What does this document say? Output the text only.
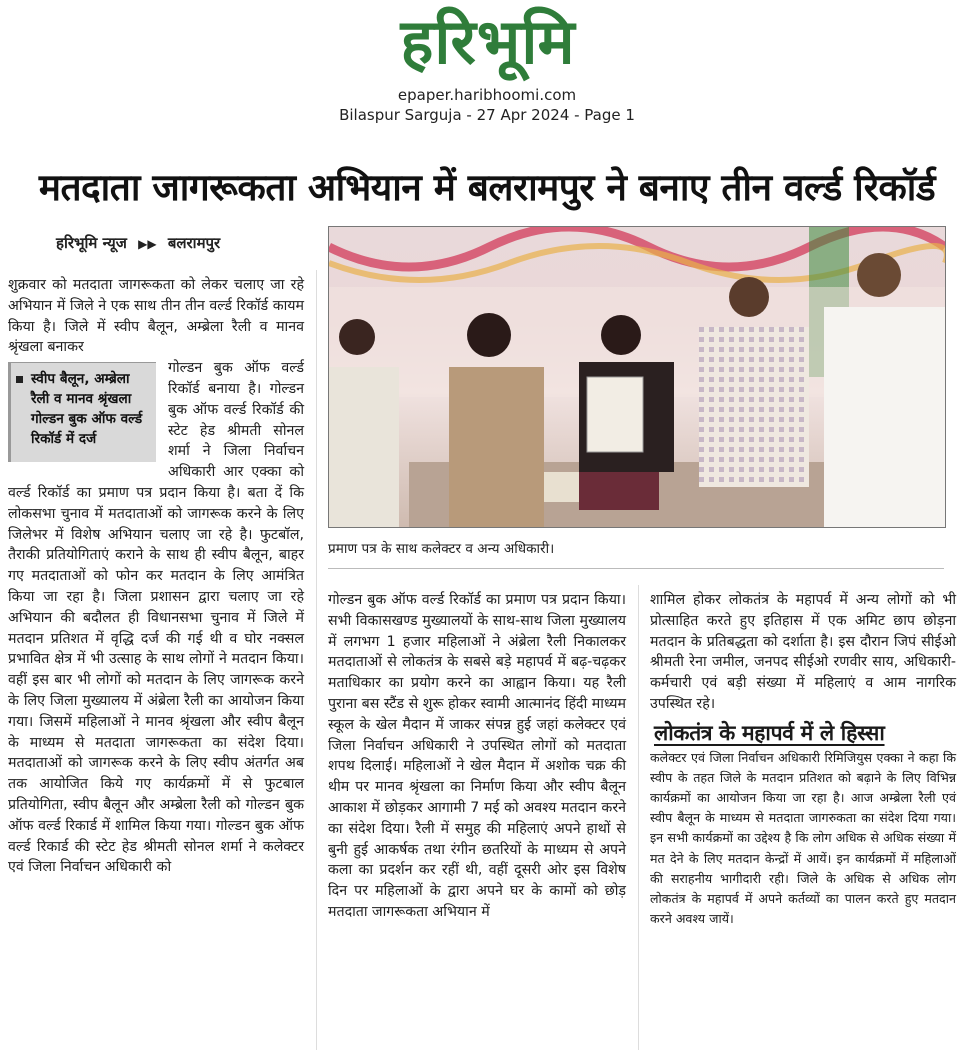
हरिभूमि
epaper.haribhoomi.com
Bilaspur Sarguja - 27 Apr 2024 - Page 1
मतदाता जागरूकता अभियान में बलरामपुर ने बनाए तीन वर्ल्ड रिकॉर्ड
हरिभूमि न्यूज ▶▶ बलरामपुर

शुक्रवार को मतदाता जागरूकता को लेकर चलाए जा रहे अभियान में जिले ने एक साथ तीन तीन वर्ल्ड रिकॉर्ड कायम किया है। जिले में स्वीप बैलून, अम्ब्रेला रैली व मानव श्रृंखला बनाकर

स्वीप बैलून, अम्ब्रेला रैली व मानव श्रृंखला गोल्डन बुक ऑफ वर्ल्ड रिकॉर्ड में दर्ज

गोल्डन बुक ऑफ वर्ल्ड रिकॉर्ड बनाया है। गोल्डन बुक ऑफ वर्ल्ड रिकॉर्ड की स्टेट हेड श्रीमती सोनल शर्मा ने जिला निर्वाचन अधिकारी आर एक्का को वर्ल्ड रिकॉर्ड का प्रमाण पत्र प्रदान किया है। बता दें कि लोकसभा चुनाव में मतदाताओं को जागरूक करने के लिए जिलेभर में विशेष अभियान चलाए जा रहे है। फुटबॉल, तैराकी प्रतियोगिताएं कराने के साथ ही स्वीप बैलून, बाहर गए मतदाताओं को फोन कर मतदान के लिए आमंत्रित किया जा रहा है। जिला प्रशासन द्वारा चलाए जा रहे अभियान की बदौलत ही विधानसभा चुनाव में जिले में मतदान प्रतिशत में वृद्धि दर्ज की गई थी व घोर नक्सल प्रभावित क्षेत्र में भी उत्साह के साथ लोगों ने मतदान किया। वहीं इस बार भी लोगों को मतदान के लिए जागरूक करने के लिए जिला मुख्यालय में अंब्रेला रैली का आयोजन किया गया। जिसमें महिलाओं ने मानव श्रृंखला और स्वीप बैलून के माध्यम से मतदाता जागरूकता का संदेश दिया। मतदाताओं को जागरूक करने के लिए स्वीप अंतर्गत अब तक आयोजित किये गए कार्यक्रमों में से फुटबाल प्रतियोगिता, स्वीप बैलून और अम्ब्रेला रैली को गोल्डन बुक ऑफ वर्ल्ड रिकार्ड में शामिल किया गया। गोल्डन बुक ऑफ वर्ल्ड रिकार्ड की स्टेट हेड श्रीमती सोनल शर्मा ने कलेक्टर एवं जिला निर्वाचन अधिकारी को

प्रमाण पत्र के साथ कलेक्टर व अन्य अधिकारी।

गोल्डन बुक ऑफ वर्ल्ड रिकॉर्ड का प्रमाण पत्र प्रदान किया। सभी विकासखण्ड मुख्यालयों के साथ-साथ जिला मुख्यालय में लगभग 1 हजार महिलाओं ने अंब्रेला रैली निकालकर मतदाताओं से लोकतंत्र के सबसे बड़े महापर्व में बढ़-चढ़कर मताधिकार का प्रयोग करने का आह्वान किया। यह रैली पुराना बस स्टैंड से शुरू होकर स्वामी आत्मानंद हिंदी माध्यम स्कूल के खेल मैदान में जाकर संपन्न हुई जहां कलेक्टर एवं जिला निर्वाचन अधिकारी ने उपस्थित लोगों को मतदाता शपथ दिलाई। महिलाओं ने खेल मैदान में अशोक चक्र की थीम पर मानव श्रृंखला का निर्माण किया और स्वीप बैलून आकाश में छोड़कर आगामी 7 मई को अवश्य मतदान करने का संदेश दिया। रैली में समुह की महिलाएं अपने हाथों से बुनी हुई आकर्षक तथा रंगीन छतरियों के माध्यम से अपने कला का प्रदर्शन कर रहीं थी, वहीं दूसरी ओर इस विशेष दिन पर महिलाओं के द्वारा अपने घर के कामों को छोड़ मतदाता जागरूकता अभियान में

शामिल होकर लोकतंत्र के महापर्व में अन्य लोगों को भी प्रोत्साहित करते हुए इतिहास में एक अमिट छाप छोड़ना मतदान के प्रतिबद्धता को दर्शाता है। इस दौरान जिपं सीईओ श्रीमती रेना जमील, जनपद सीईओ रणवीर साय, अधिकारी-कर्मचारी एवं बड़ी संख्या में महिलाएं व आम नागरिक उपस्थित रहे।

लोकतंत्र के महापर्व में ले हिस्सा

कलेक्टर एवं जिला निर्वाचन अधिकारी रिमिजियुस एक्का ने कहा कि स्वीप के तहत जिले के मतदान प्रतिशत को बढ़ाने के लिए विभिन्न कार्यक्रमों का आयोजन किया जा रहा है। आज अम्ब्रेला रैली एवं स्वीप बैलून के माध्यम से मतदाता जागरुकता का संदेश दिया गया। इन सभी कार्यक्रमों का उद्देश्य है कि लोग अधिक से अधिक संख्या में मत देने के लिए मतदान केन्द्रों में आयें। इन कार्यक्रमों में महिलाओं की सराहनीय भागीदारी रही। जिले के अधिक से अधिक लोग लोकतंत्र के महापर्व में अपने कर्तव्यों का पालन करते हुए मतदान करने अवश्य जायें।
